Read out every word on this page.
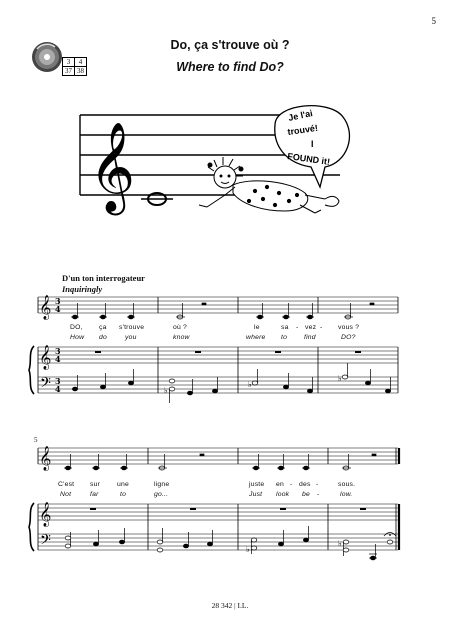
5
3	4
37	38
Do, ça s'trouve où ?
Where to find Do?
𝄞
Je l'ai
trouvé!
I
FOUND it!
D'un ton interrogateur
Inquiringly
𝄞
𝄞
𝄢
3
4
3
4
3
4	♭
♭
♭
DO, ça s'trouve	où ?	le	sa - vez - vous ?
How do	you	know	where to find	DO?
5
𝄞
𝄞
𝄢	♭
♭
C'est sur une	ligne	juste en - des -	sous.
Not	far	to	go...	Just look be -	low.
28 342 | I.L.
